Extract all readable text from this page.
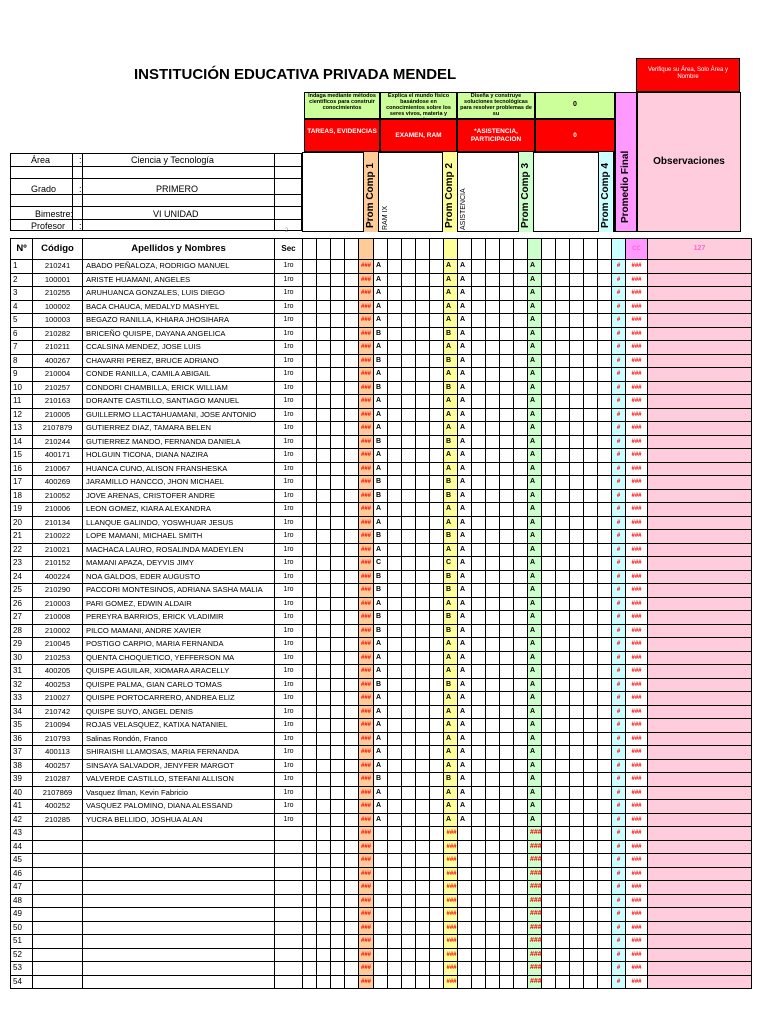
INSTITUCIÓN EDUCATIVA PRIVADA MENDEL	Verifique su Área, Solo Área y Nombre
Indaga mediante métodos científicos para construir conocimientos
Explica el mundo físico basándose en conocimientos sobre los seres vivos, materia y
Diseña y construye soluciones tecnológicas para resolver problemas de su
0
TAREAS, EVIDENCIAS
EXAMEN, RAM
*ASISTENCIA, PARTICIPACION
0
Promedio Final	Observaciones
Área	:	Ciencia y Tecnología
Grado	:	PRIMERO
Bimestre:	VI UNIDAD
Profesor :	Prom Comp 1 RAM IX	Prom Comp 2 ASISTENCIA	Prom Comp 3	Prom Comp 4
2
Nº	Código	Apellidos y Nombres	Sec																								CC	127
1	210241	ABADO PEÑALOZA, RODRIGO MANUEL	1ro					###	A					A	A					A						#	###	
2	100001	ARISTE HUAMANI, ANGELES	1ro					###	A					A	A					A						#	###	
3	210255	ARUHUANCA GONZALES, LUIS DIEGO	1ro					###	A					A	A					A						#	###	
4	100002	BACA CHAUCA, MEDALYD MASHYEL	1ro					###	A					A	A					A						#	###	
5	100003	BEGAZO RANILLA, KHIARA JHOSIHARA	1ro					###	A					A	A					A						#	###	
6	210282	BRICEÑO QUISPE, DAYANA ANGELICA	1ro					###	B					B	A					A						#	###	
7	210211	CCALSINA MENDEZ, JOSE LUIS	1ro					###	A					A	A					A						#	###	
8	400267	CHAVARRI PEREZ, BRUCE ADRIANO	1ro					###	B					B	A					A						#	###	
9	210004	CONDE RANILLA, CAMILA ABIGAIL	1ro					###	A					A	A					A						#	###	
10	210257	CONDORI CHAMBILLA, ERICK WILLIAM	1ro					###	B					B	A					A						#	###	
11	210163	DORANTE CASTILLO, SANTIAGO MANUEL	1ro					###	A					A	A					A						#	###	
12	210005	GUILLERMO LLACTAHUAMANI, JOSE ANTONIO	1ro					###	A					A	A					A						#	###	
13	2107879	GUTIERREZ DIAZ, TAMARA BELEN	1ro					###	A					A	A					A						#	###	
14	210244	GUTIERREZ MANDO, FERNANDA DANIELA	1ro					###	B					B	A					A						#	###	
15	400171	HOLGUIN TICONA, DIANA NAZIRA	1ro					###	A					A	A					A						#	###	
16	210067	HUANCA CUNO, ALISON FRANSHESKA	1ro					###	A					A	A					A						#	###	
17	400269	JARAMILLO HANCCO, JHON MICHAEL	1ro					###	B					B	A					A						#	###	
18	210052	JOVE ARENAS, CRISTOFER ANDRE	1ro					###	B					B	A					A						#	###	
19	210006	LEON GOMEZ, KIARA ALEXANDRA	1ro					###	A					A	A					A						#	###	
20	210134	LLANQUE GALINDO, YOSWHUAR JESUS	1ro					###	A					A	A					A						#	###	
21	210022	LOPE MAMANI, MICHAEL SMITH	1ro					###	B					B	A					A						#	###	
22	210021	MACHACA LAURO, ROSALINDA MADEYLEN	1ro					###	A					A	A					A						#	###	
23	210152	MAMANI APAZA, DEYVIS JIMY	1ro					###	C					C	A					A						#	###	
24	400224	NOA GALDOS, EDER AUGUSTO	1ro					###	B					B	A					A						#	###	
25	210290	PACCORI MONTESINOS, ADRIANA SASHA MALIA	1ro					###	B					B	A					A						#	###	
26	210003	PARI GOMEZ, EDWIN ALDAIR	1ro					###	A					A	A					A						#	###	
27	210008	PEREYRA BARRIOS, ERICK VLADIMIR	1ro					###	B					B	A					A						#	###	
28	210002	PILCO MAMANI, ANDRE XAVIER	1ro					###	B					B	A					A						#	###	
29	210045	POSTIGO CARPIO, MARIA FERNANDA	1ro					###	A					A	A					A						#	###	
30	210253	QUENTA CHOQUETICO, YEFFERSON MA	1ro					###	A					A	A					A						#	###	
31	400205	QUISPE AGUILAR, XIOMARA ARACELLY	1ro					###	A					A	A					A						#	###	
32	400253	QUISPE PALMA, GIAN CARLO TOMAS	1ro					###	B					B	A					A						#	###	
33	210027	QUISPE PORTOCARRERO, ANDREA ELIZ	1ro					###	A					A	A					A						#	###	
34	210742	QUISPE SUYO, ANGEL DENIS	1ro					###	A					A	A					A						#	###	
35	210094	ROJAS VELASQUEZ, KATIXA NATANIEL	1ro					###	A					A	A					A						#	###	
36	210793	Salinas Rondón, Franco	1ro					###	A					A	A					A						#	###	
37	400113	SHIRAISHI LLAMOSAS, MARIA FERNANDA	1ro					###	A					A	A					A						#	###	
38	400257	SINSAYA SALVADOR, JENYFER MARGOT	1ro					###	A					A	A					A						#	###	
39	210287	VALVERDE CASTILLO, STEFANI ALLISON	1ro					###	B					B	A					A						#	###	
40	2107869	Vasquez Ilman, Kevin Fabricio	1ro					###	A					A	A					A						#	###	
41	400252	VASQUEZ PALOMINO, DIANA ALESSAND	1ro					###	A					A	A					A						#	###	
42	210285	YUCRA BELLIDO, JOSHUA ALAN	1ro					###	A					A	A					A						#	###	
43								###						###						###						#	###	
44								###						###						###						#	###	
45								###						###						###						#	###	
46								###						###						###						#	###	
47								###						###						###						#	###	
48								###						###						###						#	###	
49								###						###						###						#	###	
50								###						###						###						#	###	
51								###						###						###						#	###	
52								###						###						###						#	###	
53								###						###						###						#	###	
54								###						###						###						#	###	
